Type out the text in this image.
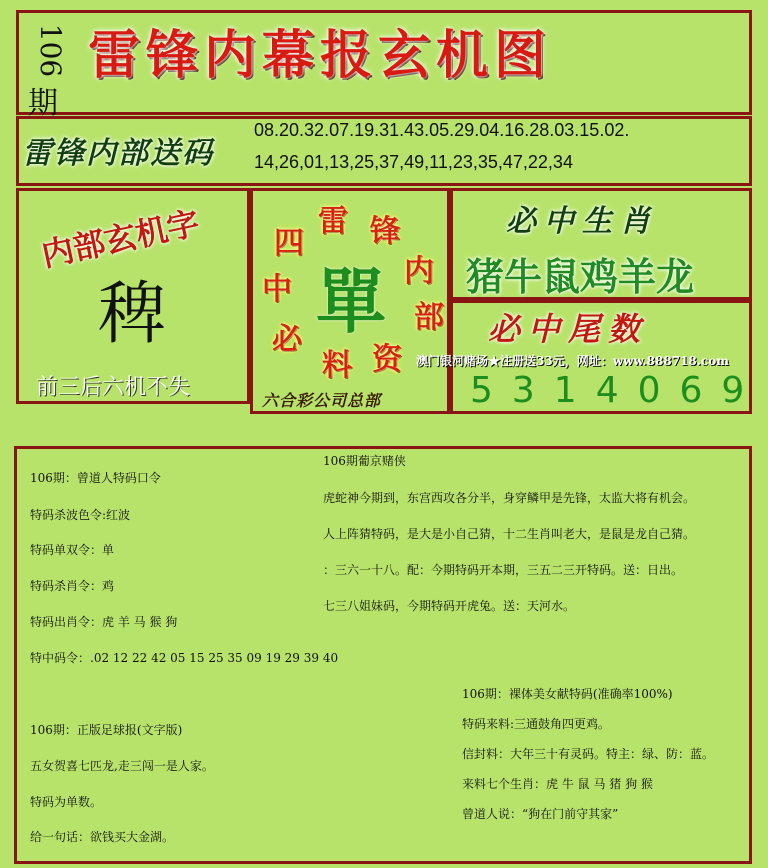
106
期
雷锋内幕报玄机图
雷锋内部送码
08.20.32.07.19.31.43.05.29.04.16.28.03.15.02.
14,26,01,13,25,37,49,11,23,35,47,22,34
内部玄机字
稗
前三后六机不失
雷 锋
内
部
资
料
必
中
四
單
六合彩公司总部
必中生肖
猪牛鼠鸡羊龙
必中尾数
澳门银河赌场★注册送33元，网址：www.888718.com
5314069
106期：曾道人特码口令
特码杀波色令:红波
特码单双令：单
特码杀肖令：鸡
特码出肖令：虎 羊 马 猴 狗
特中码令：.02 12 22 42 05 15 25 35 09 19 29 39 40
106期葡京赌侠
虎蛇神今期到，东宫西攻各分半，身穿鳞甲是先锋，太监大将有机会。
人上阵猜特码，是大是小自己猜，十二生肖叫老大，是鼠是龙自己猜。
：三六一十八。配：今期特码开本期，三五二三开特码。送：日出。
七三八姐妹码，今期特码开虎兔。送：天河水。
106期：正版足球报(文字版)
五女贺喜七匹龙,走三闯一是人家。
特码为单数。
给一句话：欲钱买大金湖。
106期：裸体美女献特码(准确率100%)
特码来料:三通鼓角四更鸡。
信封料：大年三十有灵码。特主：绿、防：蓝。
来料七个生肖：虎 牛 鼠 马 猪 狗 猴
曾道人说：“狗在门前守其家”
